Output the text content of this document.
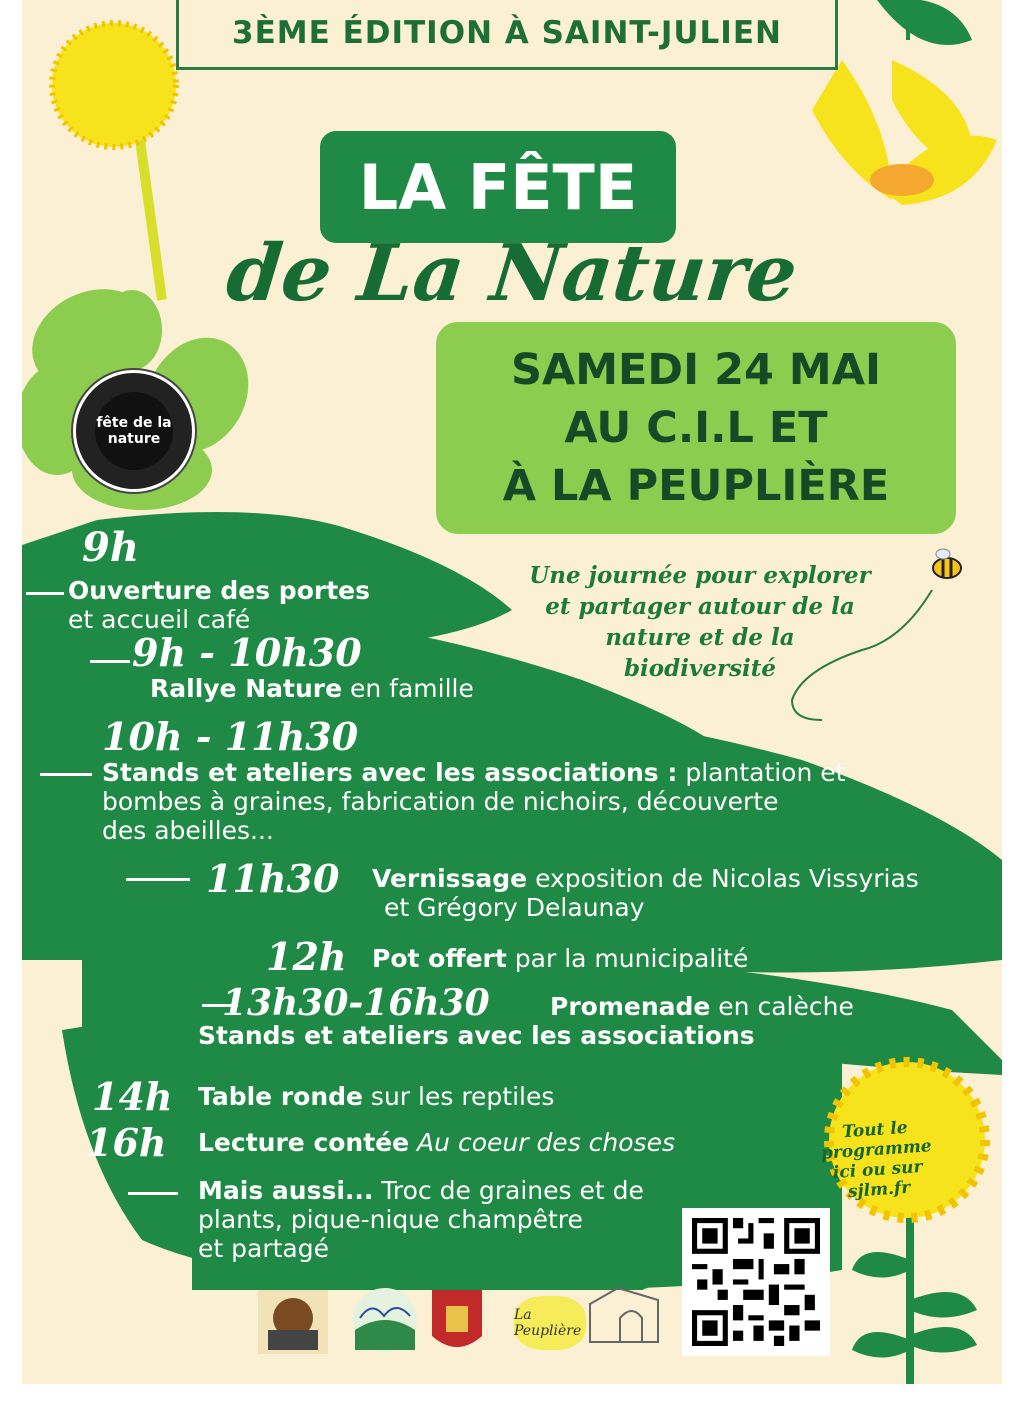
3ÈME ÉDITION À SAINT-JULIEN
LA FÊTE
de La Nature
SAMEDI 24 MAI
AU C.I.L ET
À LA PEUPLIÈRE
fête de la nature
Une journée pour explorer
et partager autour de la
nature et de la
biodiversité
9h
Ouverture des portes
et accueil café
9h - 10h30
Rallye Nature en famille
10h - 11h30
Stands et ateliers avec les associations : plantation et
bombes à graines, fabrication de nichoirs, découverte
des abeilles...
11h30 Vernissage exposition de Nicolas Vissyrias
et Grégory Delaunay
12h Pot offert par la municipalité
13h30-16h30	Promenade en calèche
Stands et ateliers avec les associations
14h Table ronde sur les reptiles
16h Lecture contée Au coeur des choses
Mais aussi... Troc de graines et de
plants, pique-nique champêtre
et partagé
Tout le
programme
ici ou sur
sjlm.fr
La Peuplière
